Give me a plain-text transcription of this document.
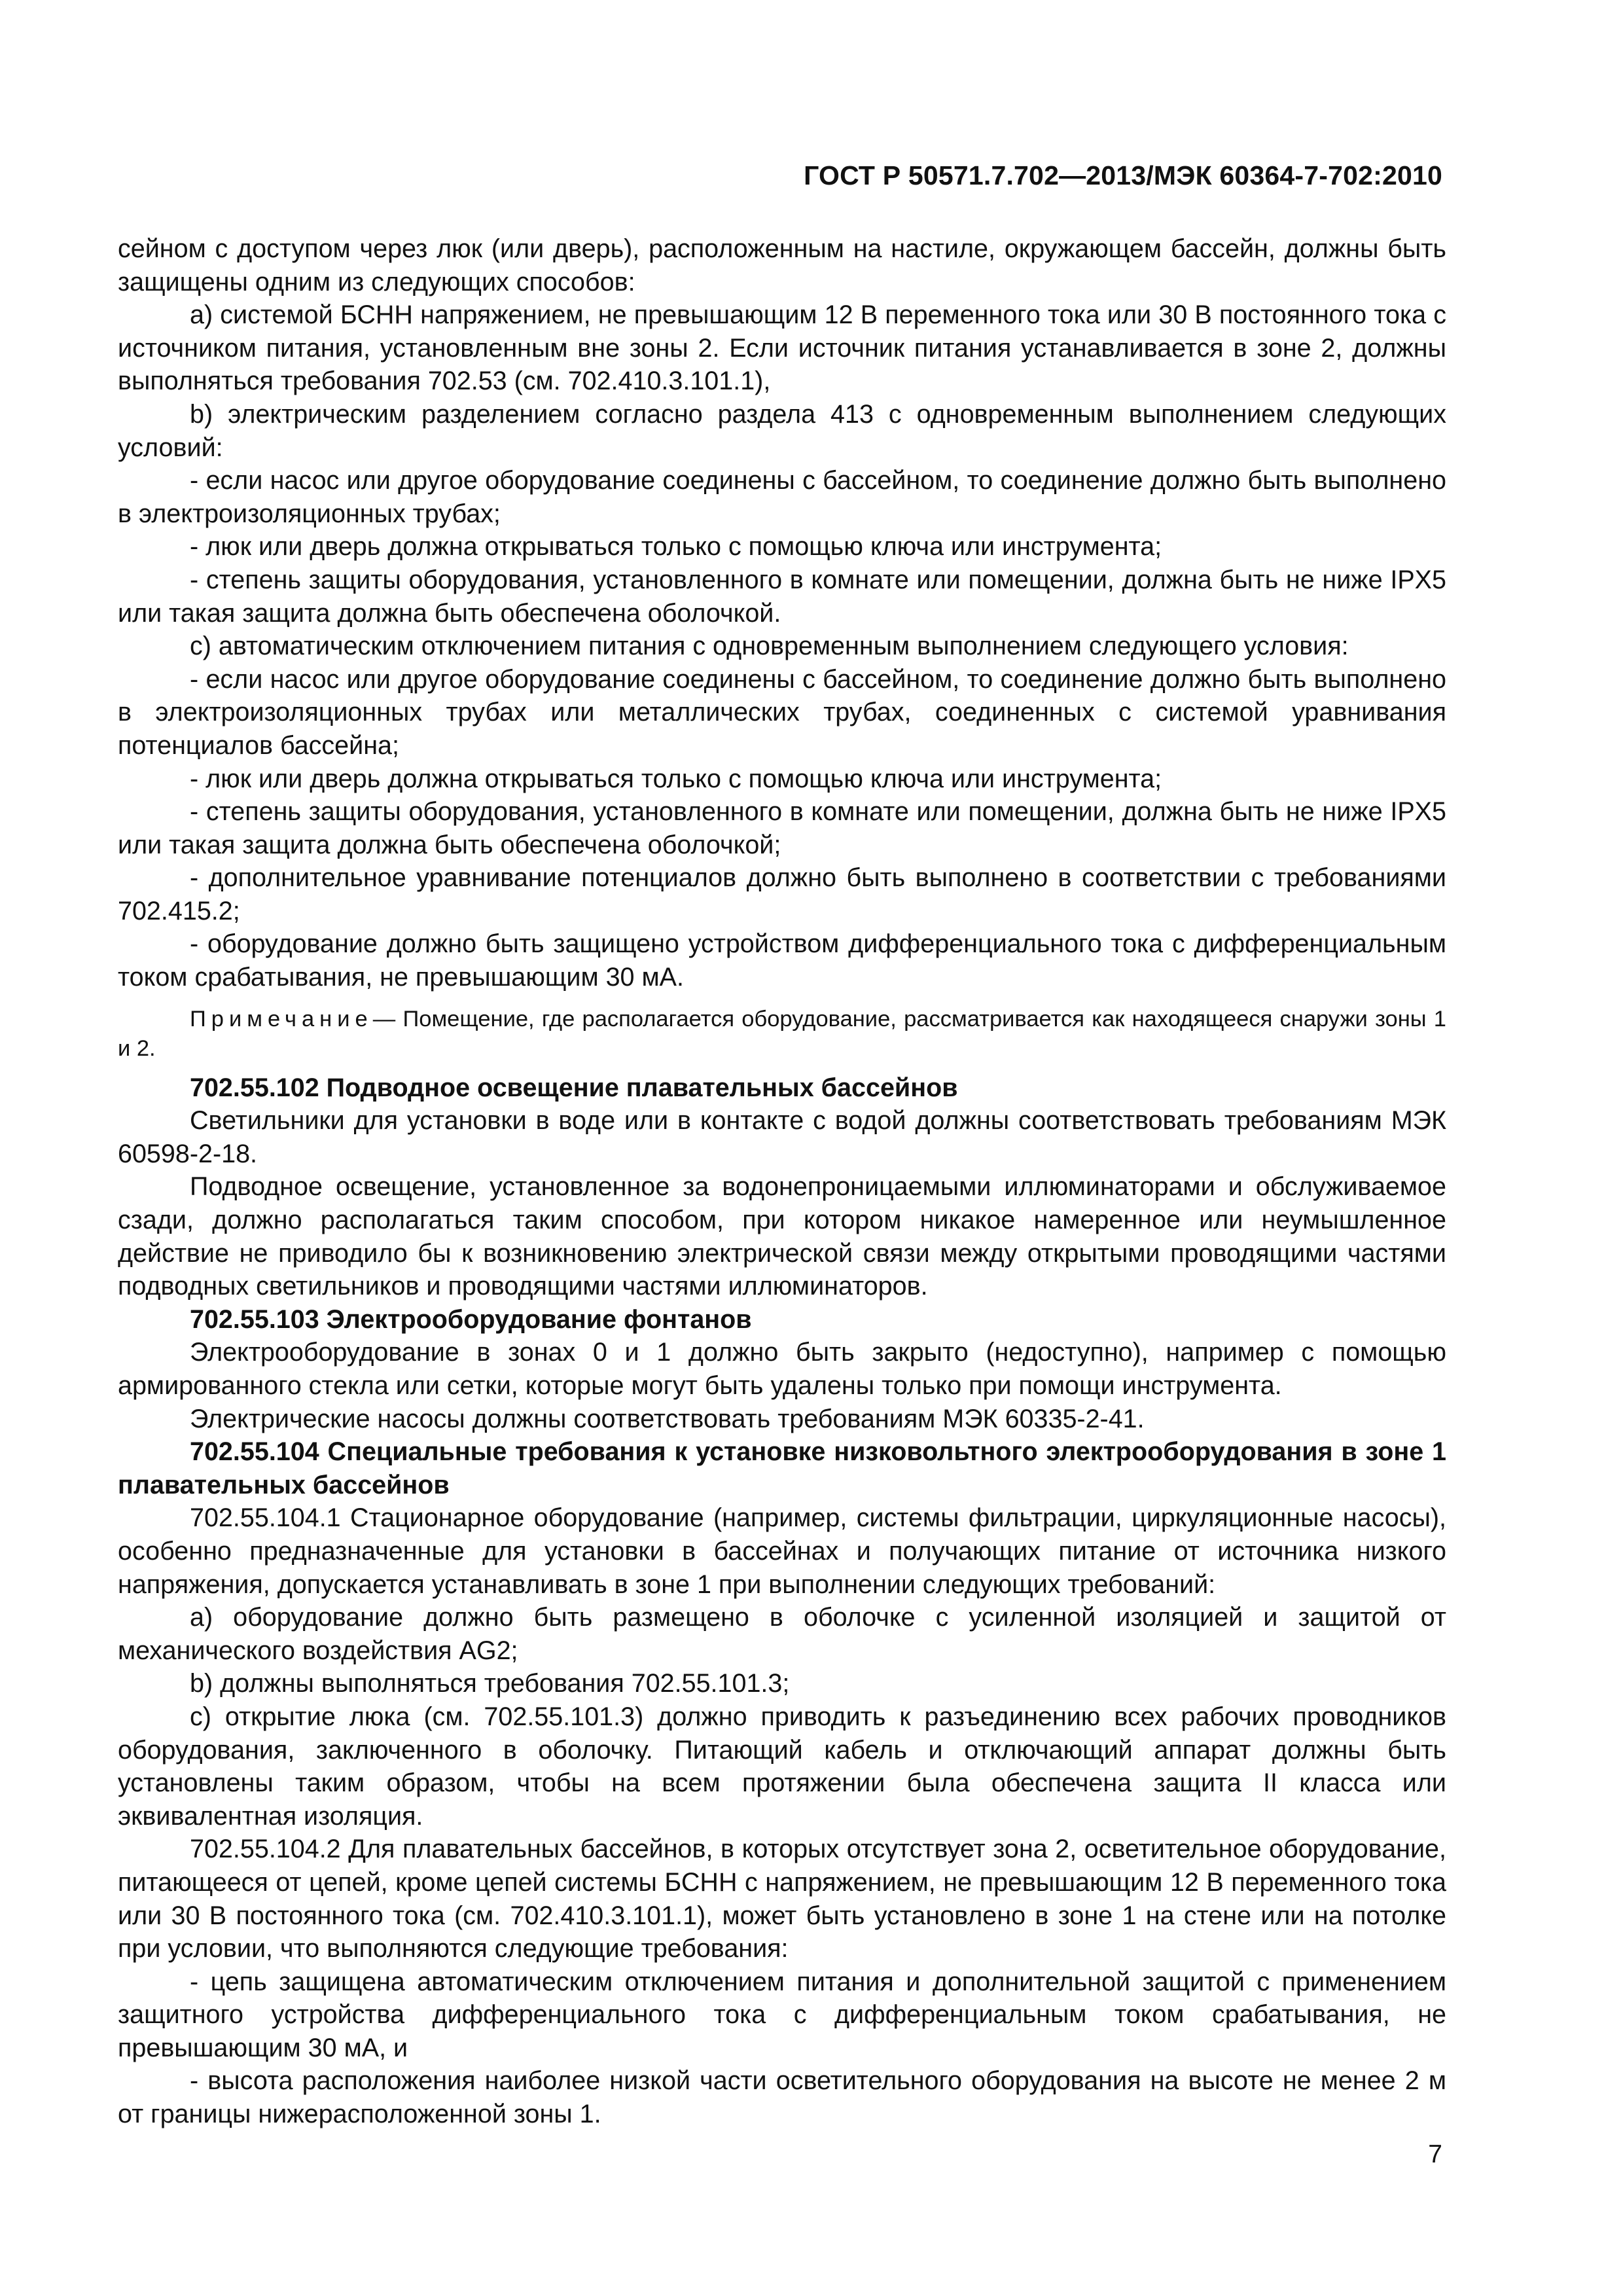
ГОСТ Р 50571.7.702—2013/МЭК 60364-7-702:2010

сейном с доступом через люк (или дверь), расположенным на настиле, окружающем бассейн, должны быть защищены одним из следующих способов:

а) системой БСНН напряжением, не превышающим 12 В переменного тока или 30 В постоянного тока с источником питания, установленным вне зоны 2. Если источник питания устанавливается в зоне 2, должны выполняться требования 702.53 (см. 702.410.3.101.1),

b) электрическим разделением согласно раздела 413 с одновременным выполнением следующих условий:

- если насос или другое оборудование соединены с бассейном, то соединение должно быть выполнено в электроизоляционных трубах;

- люк или дверь должна открываться только с помощью ключа или инструмента;

- степень защиты оборудования, установленного в комнате или помещении, должна быть не ниже IPX5 или такая защита должна быть обеспечена оболочкой.

с) автоматическим отключением питания с одновременным выполнением следующего условия:

- если насос или другое оборудование соединены с бассейном, то соединение должно быть выполнено в электроизоляционных трубах или металлических трубах, соединенных с системой уравнивания потенциалов бассейна;

- люк или дверь должна открываться только с помощью ключа или инструмента;

- степень защиты оборудования, установленного в комнате или помещении, должна быть не ниже IPX5 или такая защита должна быть обеспечена оболочкой;

- дополнительное уравнивание потенциалов должно быть выполнено в соответствии с требованиями 702.415.2;

- оборудование должно быть защищено устройством дифференциального тока с дифференциальным током срабатывания, не превышающим 30 мА.

Примечание— Помещение, где располагается оборудование, рассматривается как находящееся снаружи зоны 1 и 2.

702.55.102 Подводное освещение плавательных бассейнов

Светильники для установки в воде или в контакте с водой должны соответствовать требованиям МЭК 60598-2-18.

Подводное освещение, установленное за водонепроницаемыми иллюминаторами и обслуживаемое сзади, должно располагаться таким способом, при котором никакое намеренное или неумышленное действие не приводило бы к возникновению электрической связи между открытыми проводящими частями подводных светильников и проводящими частями иллюминаторов.

702.55.103 Электрооборудование фонтанов

Электрооборудование в зонах 0 и 1 должно быть закрыто (недоступно), например с помощью армированного стекла или сетки, которые могут быть удалены только при помощи инструмента.

Электрические насосы должны соответствовать требованиям МЭК 60335-2-41.

702.55.104 Специальные требования к установке низковольтного электрооборудования в зоне 1 плавательных бассейнов

702.55.104.1 Стационарное оборудование (например, системы фильтрации, циркуляционные насосы), особенно предназначенные для установки в бассейнах и получающих питание от источника низкого напряжения, допускается устанавливать в зоне 1 при выполнении следующих требований:

а) оборудование должно быть размещено в оболочке с усиленной изоляцией и защитой от механического воздействия AG2;

b) должны выполняться требования 702.55.101.3;

с) открытие люка (см. 702.55.101.3) должно приводить к разъединению всех рабочих проводников оборудования, заключенного в оболочку. Питающий кабель и отключающий аппарат должны быть установлены таким образом, чтобы на всем протяжении была обеспечена защита II класса или эквивалентная изоляция.

702.55.104.2 Для плавательных бассейнов, в которых отсутствует зона 2, осветительное оборудование, питающееся от цепей, кроме цепей системы БСНН с напряжением, не превышающим 12 В переменного тока или 30 В постоянного тока (см. 702.410.3.101.1), может быть установлено в зоне 1 на стене или на потолке при условии, что выполняются следующие требования:

- цепь защищена автоматическим отключением питания и дополнительной защитой с применением защитного устройства дифференциального тока с дифференциальным током срабатывания, не превышающим 30 мА, и

- высота расположения наиболее низкой части осветительного оборудования на высоте не менее 2 м от границы нижерасположенной зоны 1.

7
